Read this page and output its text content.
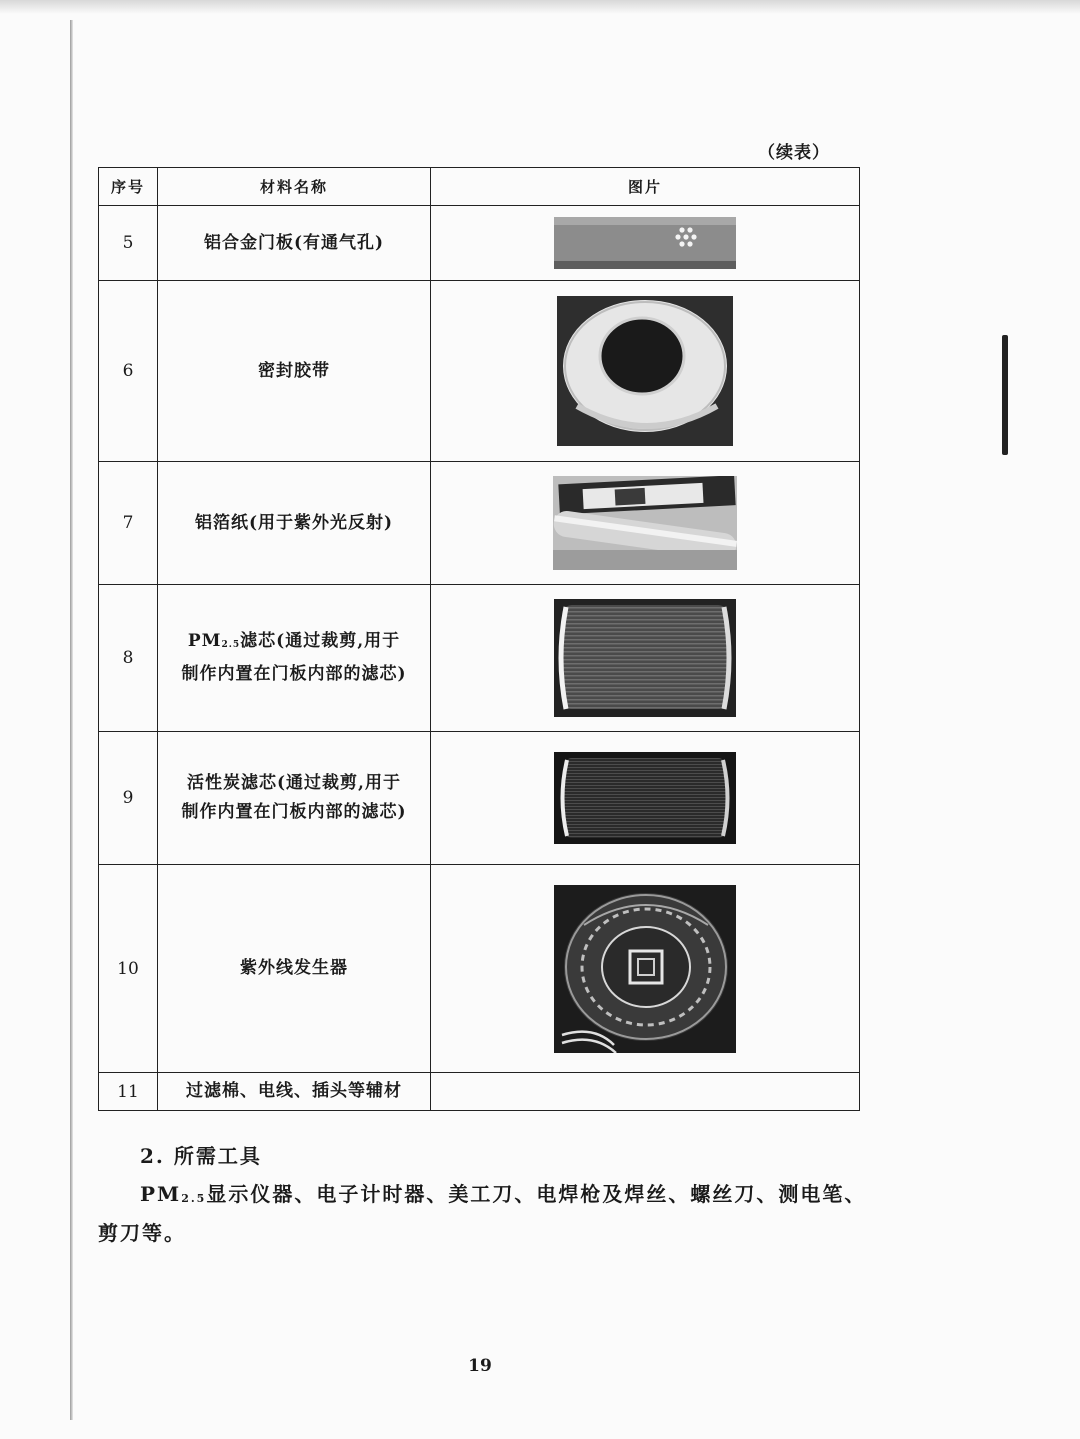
（续表）
序号	材料名称	图片
5	铝合金门板(有通气孔)	

6	密封胶带	

7	铝箔纸(用于紫外光反射)	

8	$PM_{2.5}$滤芯(通过裁剪,用于
制作内置在门板内部的滤芯)

9	活性炭滤芯(通过裁剪,用于
制作内置在门板内部的滤芯)

10	紫外线发生器	

11	过滤棉、电线、插头等辅材	
2. 所需工具
$PM_{2.5}$显示仪器、电子计时器、美工刀、电焊枪及焊丝、螺丝刀、测电笔、剪刀等。
19
